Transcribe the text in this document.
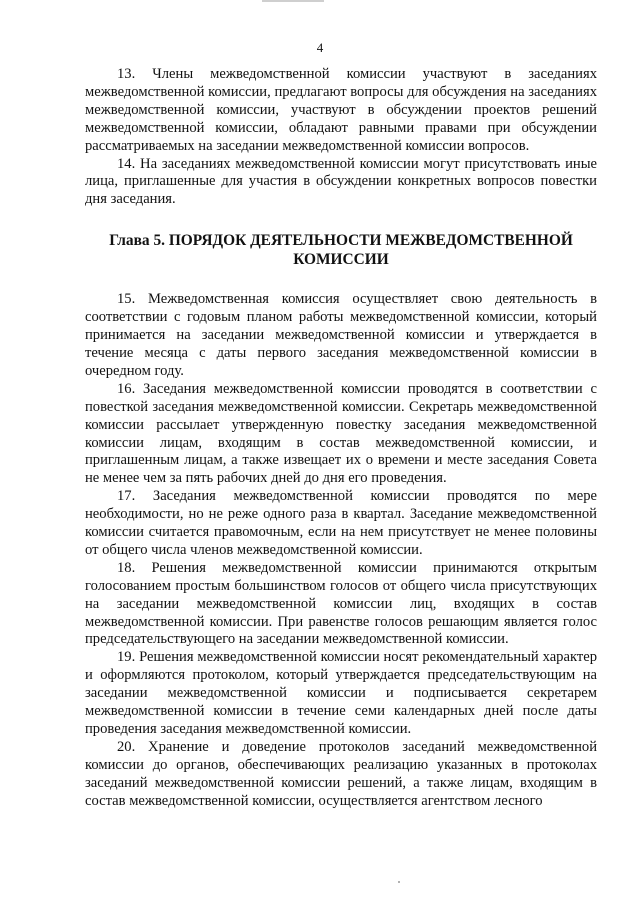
4

13. Члены межведомственной комиссии участвуют в заседаниях межведомственной комиссии, предлагают вопросы для обсуждения на заседаниях межведомственной комиссии, участвуют в обсуждении проектов решений межведомственной комиссии, обладают равными правами при обсуждении рассматриваемых на заседании межведомственной комиссии вопросов.

14. На заседаниях межведомственной комиссии могут присутствовать иные лица, приглашенные для участия в обсуждении конкретных вопросов повестки дня заседания.

Глава 5. ПОРЯДОК ДЕЯТЕЛЬНОСТИ МЕЖВЕДОМСТВЕННОЙ КОМИССИИ

15. Межведомственная комиссия осуществляет свою деятельность в соответствии с годовым планом работы межведомственной комиссии, который принимается на заседании межведомственной комиссии и утверждается в течение месяца с даты первого заседания межведомственной комиссии в очередном году.

16. Заседания межведомственной комиссии проводятся в соответствии с повесткой заседания межведомственной комиссии. Секретарь межведомственной комиссии рассылает утвержденную повестку заседания межведомственной комиссии лицам, входящим в состав межведомственной комиссии, и приглашенным лицам, а также извещает их о времени и месте заседания Совета не менее чем за пять рабочих дней до дня его проведения.

17. Заседания межведомственной комиссии проводятся по мере необходимости, но не реже одного раза в квартал. Заседание межведомственной комиссии считается правомочным, если на нем присутствует не менее половины от общего числа членов межведомственной комиссии.

18. Решения межведомственной комиссии принимаются открытым голосованием простым большинством голосов от общего числа присутствующих на заседании межведомственной комиссии лиц, входящих в состав межведомственной комиссии. При равенстве голосов решающим является голос председательствующего на заседании межведомственной комиссии.

19. Решения межведомственной комиссии носят рекомендательный характер и оформляются протоколом, который утверждается председательствующим на заседании межведомственной комиссии и подписывается секретарем межведомственной комиссии в течение семи календарных дней после даты проведения заседания межведомственной комиссии.

20. Хранение и доведение протоколов заседаний межведомственной комиссии до органов, обеспечивающих реализацию указанных в протоколах заседаний межведомственной комиссии решений, а также лицам, входящим в состав межведомственной комиссии, осуществляется агентством лесного
